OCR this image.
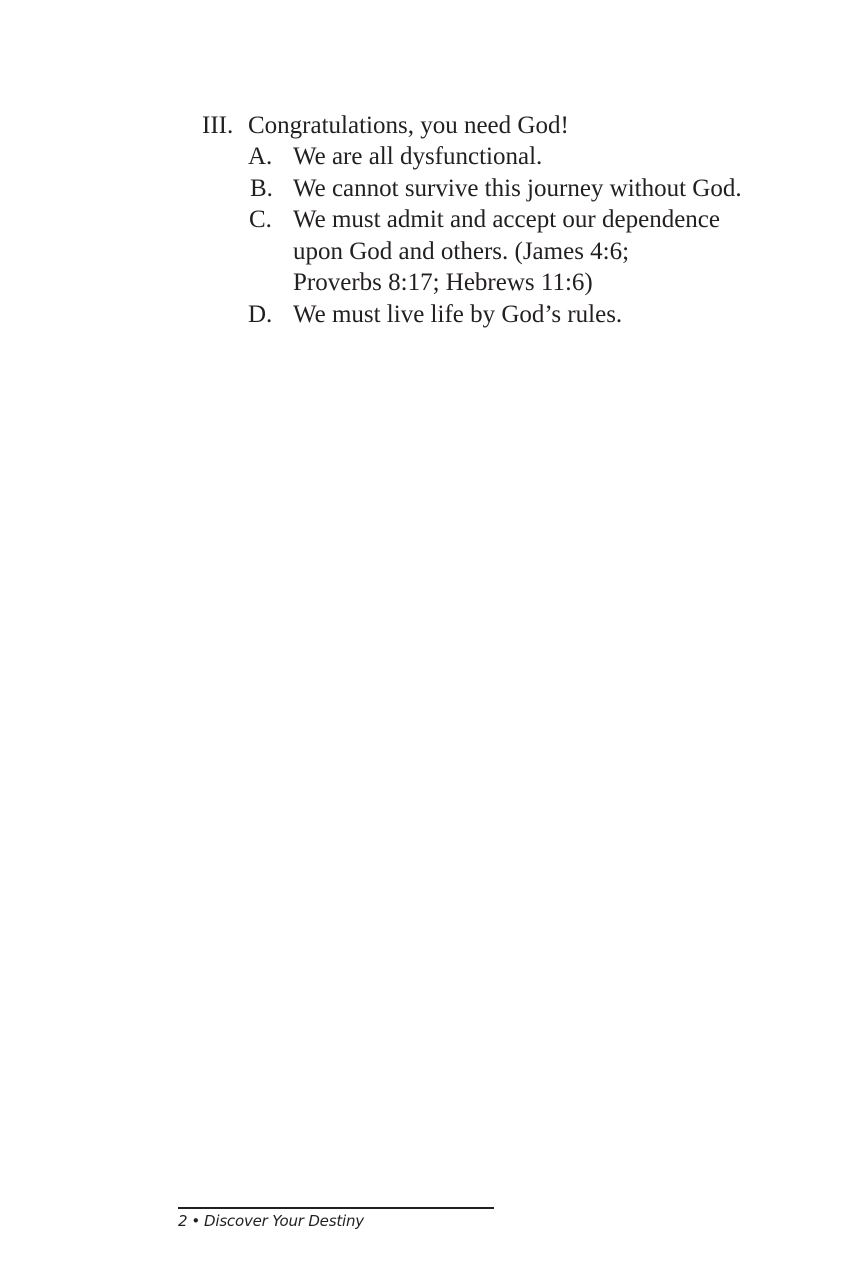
III. Congratulations, you need God!
A. We are all dysfunctional.
B. We cannot survive this journey without God.
C. We must admit and accept our dependence
upon God and others. (James 4:6;
Proverbs 8:17; Hebrews 11:6)
D. We must live life by God’s rules.
2 • Discover Your Destiny
